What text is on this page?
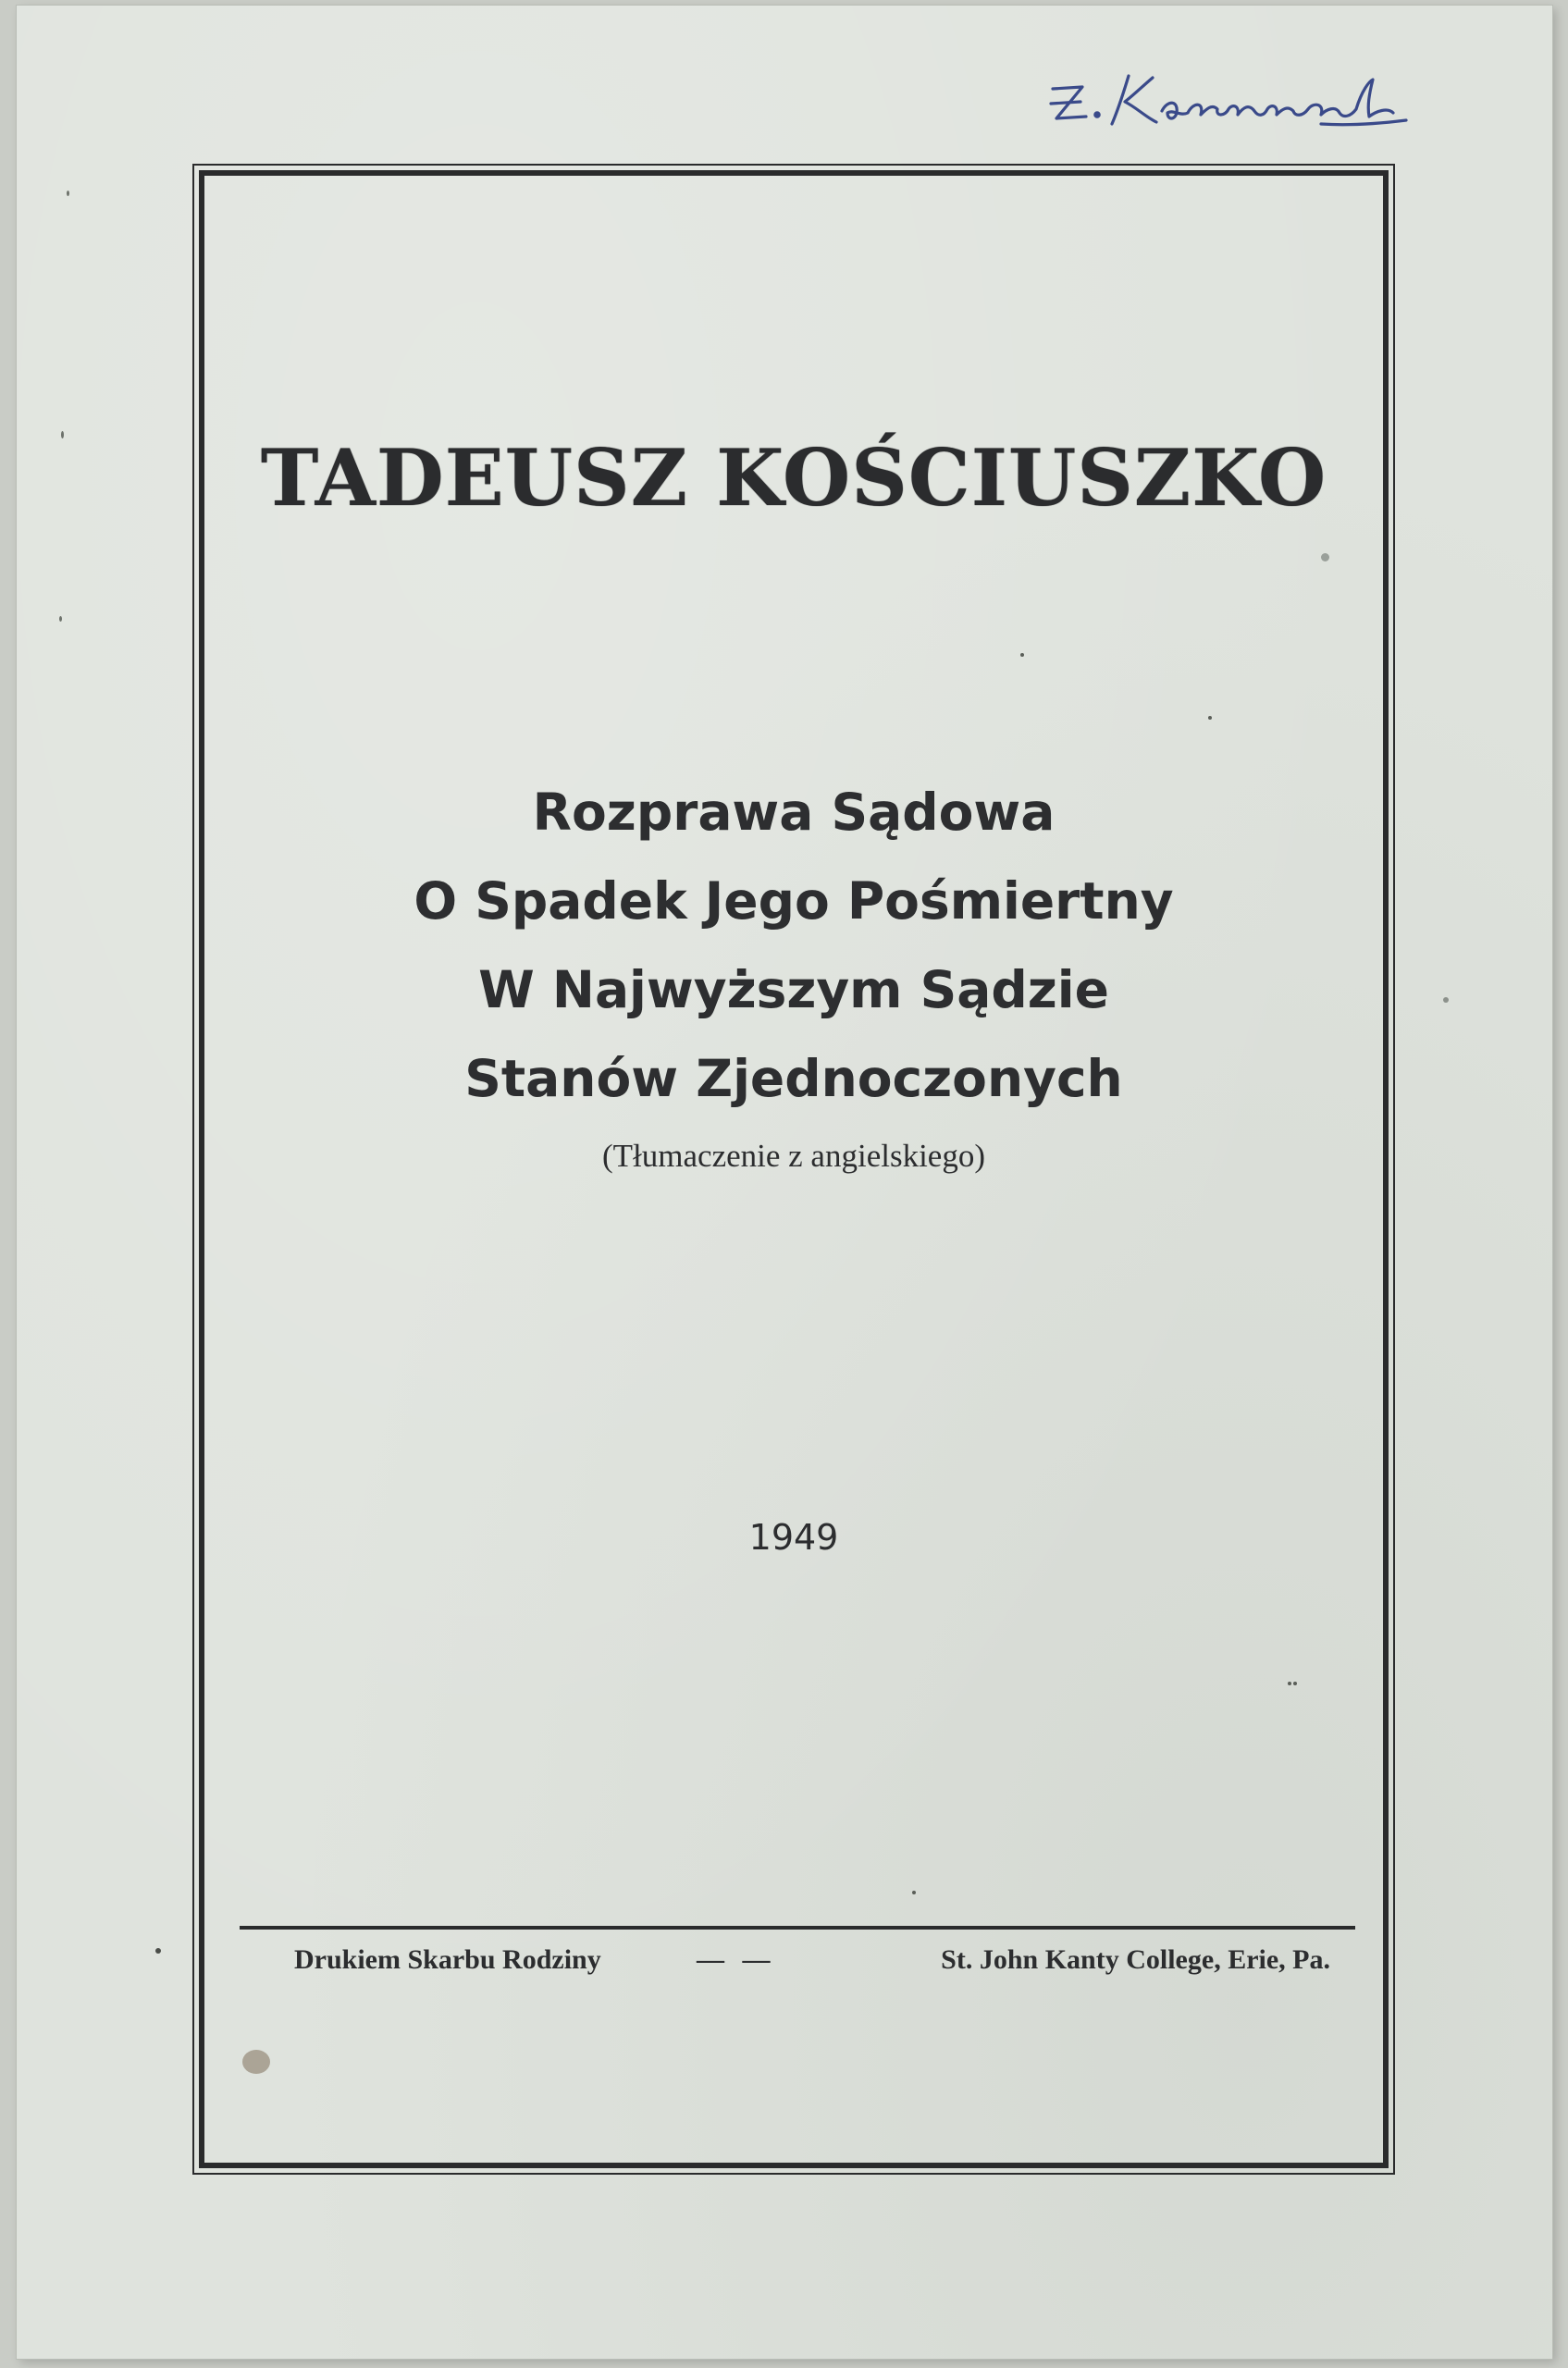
Z. Kaczmarek
TADEUSZ KOŚCIUSZKO
Rozprawa Sądowa
O Spadek Jego Pośmiertny
W Najwyższym Sądzie
Stanów Zjednoczonych
(Tłumaczenie z angielskiego)
1949
Drukiem Skarbu Rodziny	— —	St. John Kanty College, Erie, Pa.
